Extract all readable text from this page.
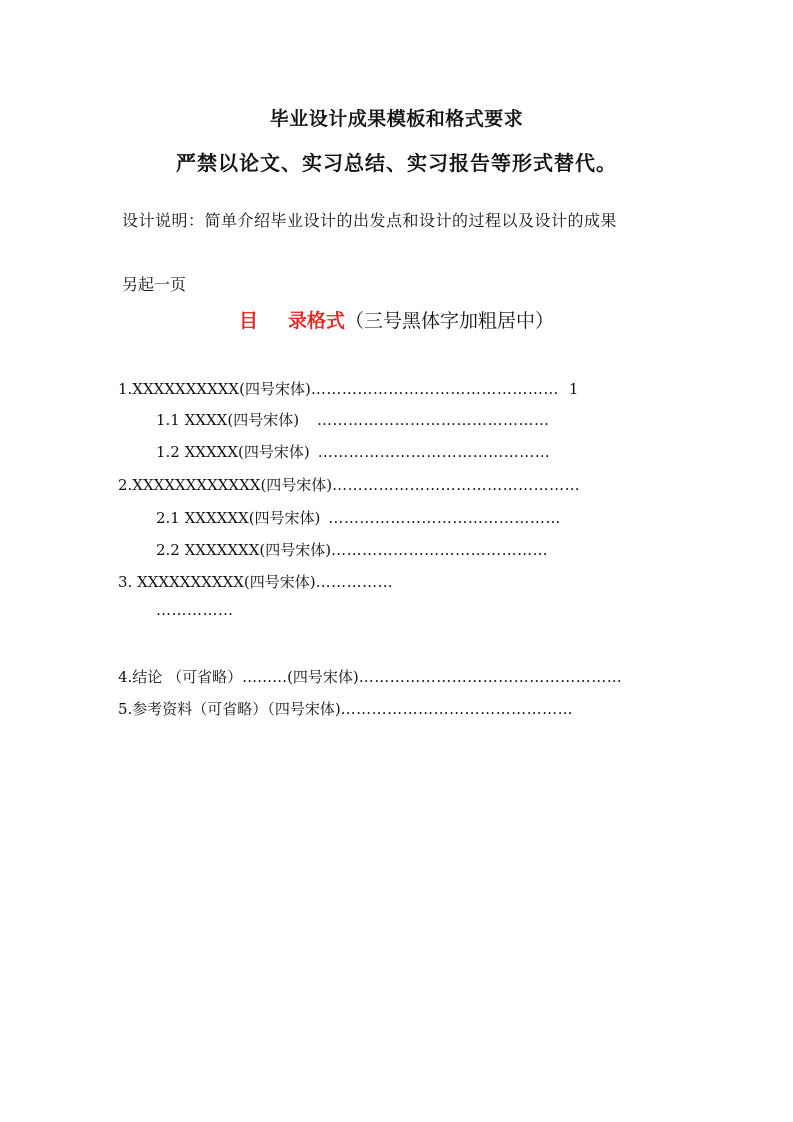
毕业设计成果模板和格式要求
严禁以论文、实习总结、实习报告等形式替代。
设计说明：简单介绍毕业设计的出发点和设计的过程以及设计的成果
另起一页
目 录格式（三号黑体字加粗居中）
1.XXXXXXXXXX(四号宋体)………………………………………… 1
1.1 XXXX(四号宋体) ………………………………………
1.2 XXXXX(四号宋体) ………………………………………
2.XXXXXXXXXXXX(四号宋体)…………………………………………
2.1 XXXXXX(四号宋体) ………………………………………
2.2 XXXXXXX(四号宋体)……………………………………
3. XXXXXXXXXX(四号宋体)……………
……………
4.结论 （可省略）………(四号宋体)……………………………………………
5.参考资料（可省略）（四号宋体)………………………………………
